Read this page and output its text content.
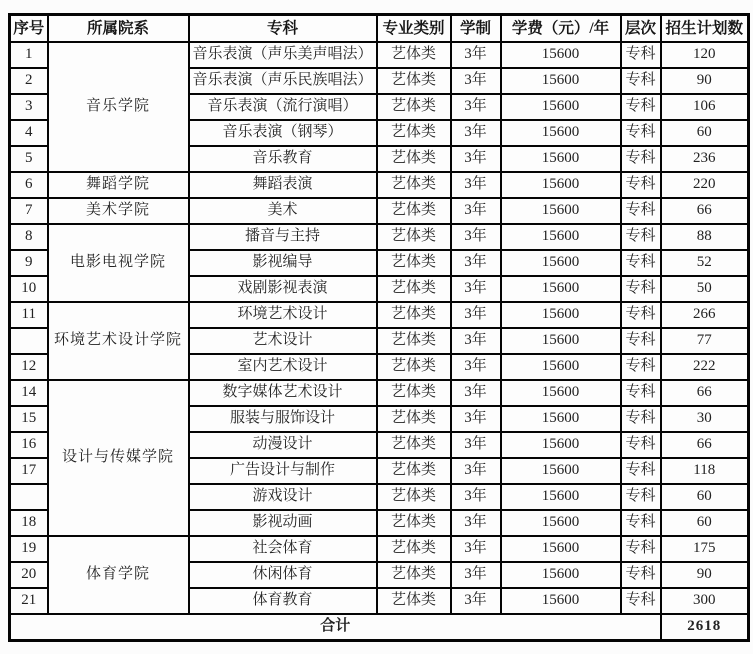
序号	所属院系	专科	专业类别	学制	学费（元）/年	层次	招生计划数
1	音乐学院	音乐表演（声乐美声唱法）	艺体类	3年	15600	专科	120
2		音乐表演（声乐民族唱法）	艺体类	3年	15600	专科	90
3		音乐表演（流行演唱）	艺体类	3年	15600	专科	106
4		音乐表演（钢琴）	艺体类	3年	15600	专科	60
5		音乐教育	艺体类	3年	15600	专科	236
6	舞蹈学院	舞蹈表演	艺体类	3年	15600	专科	220
7	美术学院	美术	艺体类	3年	15600	专科	66
8	电影电视学院	播音与主持	艺体类	3年	15600	专科	88
9		影视编导	艺体类	3年	15600	专科	52
10		戏剧影视表演	艺体类	3年	15600	专科	50
11	环境艺术设计学院	环境艺术设计	艺体类	3年	15600	专科	266
		艺术设计	艺体类	3年	15600	专科	77
12		室内艺术设计	艺体类	3年	15600	专科	222
14	设计与传媒学院	数字媒体艺术设计	艺体类	3年	15600	专科	66
15		服装与服饰设计	艺体类	3年	15600	专科	30
16		动漫设计	艺体类	3年	15600	专科	66
17		广告设计与制作	艺体类	3年	15600	专科	118
		游戏设计	艺体类	3年	15600	专科	60
18		影视动画	艺体类	3年	15600	专科	60
19	体育学院	社会体育	艺体类	3年	15600	专科	175
20		休闲体育	艺体类	3年	15600	专科	90
21		体育教育	艺体类	3年	15600	专科	300
合计							2618
